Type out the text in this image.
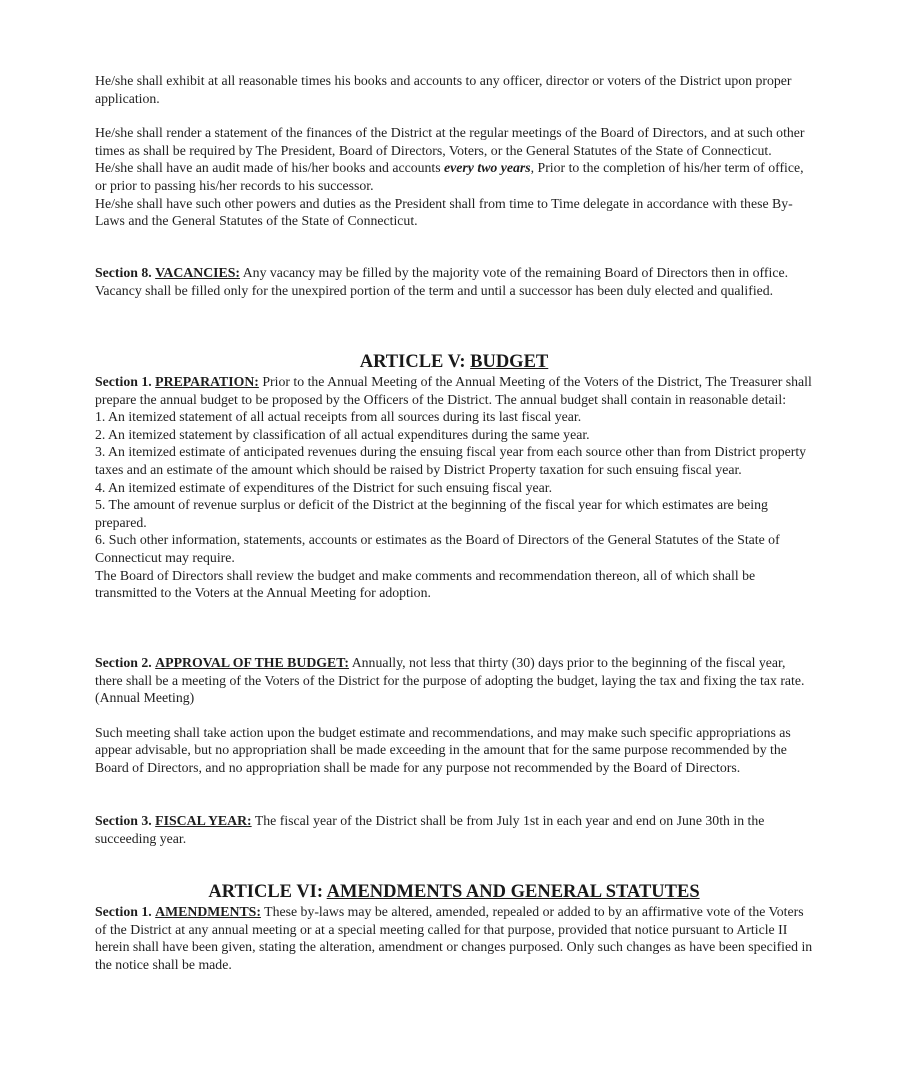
He/she shall exhibit at all reasonable times his books and accounts to any officer, director or voters of the District upon proper application.

He/she shall render a statement of the finances of the District at the regular meetings of the Board of Directors, and at such other times as shall be required by The President, Board of Directors, Voters, or the General Statutes of the State of Connecticut.

He/she shall have an audit made of his/her books and accounts every two years, Prior to the completion of his/her term of office, or prior to passing his/her records to his successor.

He/she shall have such other powers and duties as the President shall from time to Time delegate in accordance with these By-Laws and the General Statutes of the State of Connecticut.

Section 8. VACANCIES: Any vacancy may be filled by the majority vote of the remaining Board of Directors then in office. Vacancy shall be filled only for the unexpired portion of the term and until a successor has been duly elected and qualified.

ARTICLE V: BUDGET

Section 1. PREPARATION: Prior to the Annual Meeting of the Annual Meeting of the Voters of the District, The Treasurer shall prepare the annual budget to be proposed by the Officers of the District. The annual budget shall contain in reasonable detail:

1. An itemized statement of all actual receipts from all sources during its last fiscal year.

2. An itemized statement by classification of all actual expenditures during the same year.

3. An itemized estimate of anticipated revenues during the ensuing fiscal year from each source other than from District property taxes and an estimate of the amount which should be raised by District Property taxation for such ensuing fiscal year.

4. An itemized estimate of expenditures of the District for such ensuing fiscal year.

5. The amount of revenue surplus or deficit of the District at the beginning of the fiscal year for which estimates are being prepared.

6. Such other information, statements, accounts or estimates as the Board of Directors of the General Statutes of the State of Connecticut may require.

The Board of Directors shall review the budget and make comments and recommendation thereon, all of which shall be transmitted to the Voters at the Annual Meeting for adoption.

Section 2. APPROVAL OF THE BUDGET: Annually, not less that thirty (30) days prior to the beginning of the fiscal year, there shall be a meeting of the Voters of the District for the purpose of adopting the budget, laying the tax and fixing the tax rate. (Annual Meeting)

Such meeting shall take action upon the budget estimate and recommendations, and may make such specific appropriations as appear advisable, but no appropriation shall be made exceeding in the amount that for the same purpose recommended by the Board of Directors, and no appropriation shall be made for any purpose not recommended by the Board of Directors.

Section 3. FISCAL YEAR: The fiscal year of the District shall be from July 1st in each year and end on June 30th in the succeeding year.

ARTICLE VI: AMENDMENTS AND GENERAL STATUTES

Section 1. AMENDMENTS: These by-laws may be altered, amended, repealed or added to by an affirmative vote of the Voters of the District at any annual meeting or at a special meeting called for that purpose, provided that notice pursuant to Article II herein shall have been given, stating the alteration, amendment or changes purposed. Only such changes as have been specified in the notice shall be made.
